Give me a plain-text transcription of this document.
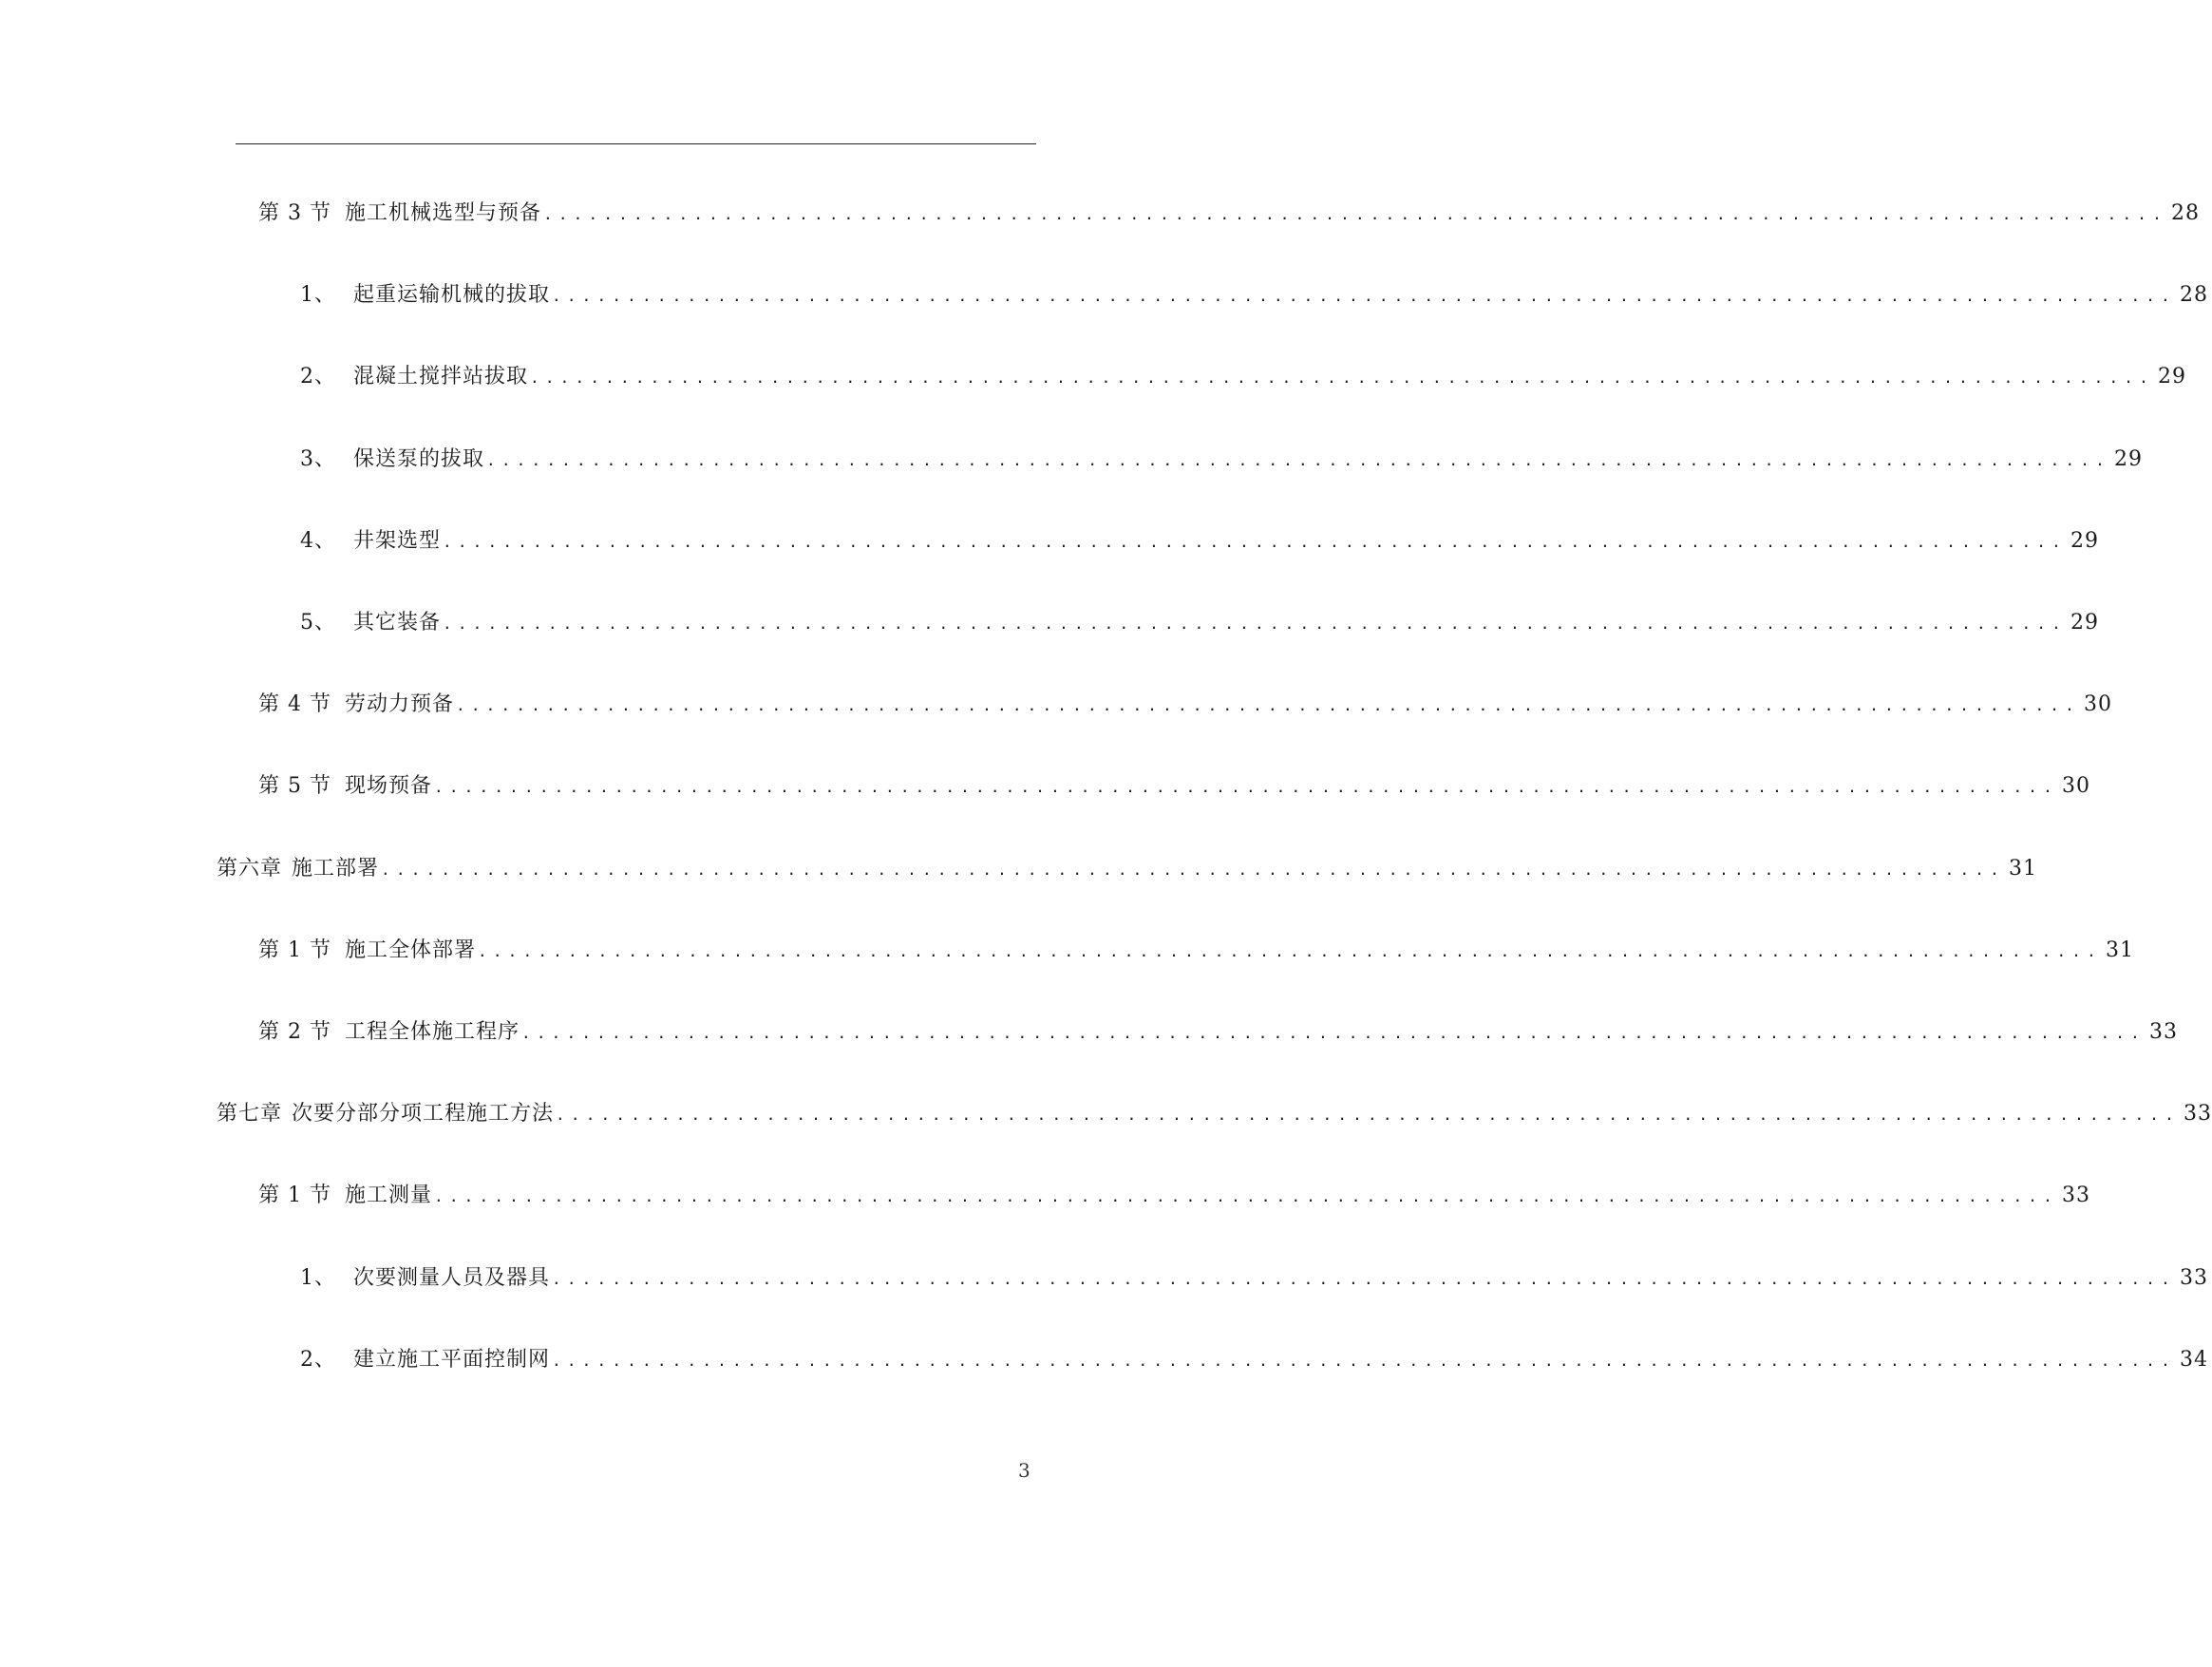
第 3 节 施工机械选型与预备 ............................................................................................................ 28
1、 起重运输机械的拔取 ............................................................................................................ 28
2、 混凝土搅拌站拔取 ............................................................................................................ 29
3、 保送泵的拔取 ............................................................................................................ 29
4、 井架选型 ............................................................................................................ 29
5、 其它装备 ............................................................................................................ 29
第 4 节 劳动力预备 ............................................................................................................ 30
第 5 节 现场预备 ............................................................................................................ 30
第六章 施工部署 ............................................................................................................ 31
第 1 节 施工全体部署 ............................................................................................................ 31
第 2 节 工程全体施工程序 ............................................................................................................ 33
第七章 次要分部分项工程施工方法 ............................................................................................................ 33
第 1 节 施工测量 ............................................................................................................ 33
1、 次要测量人员及器具 ............................................................................................................ 33
2、 建立施工平面控制网 ............................................................................................................ 34
3
